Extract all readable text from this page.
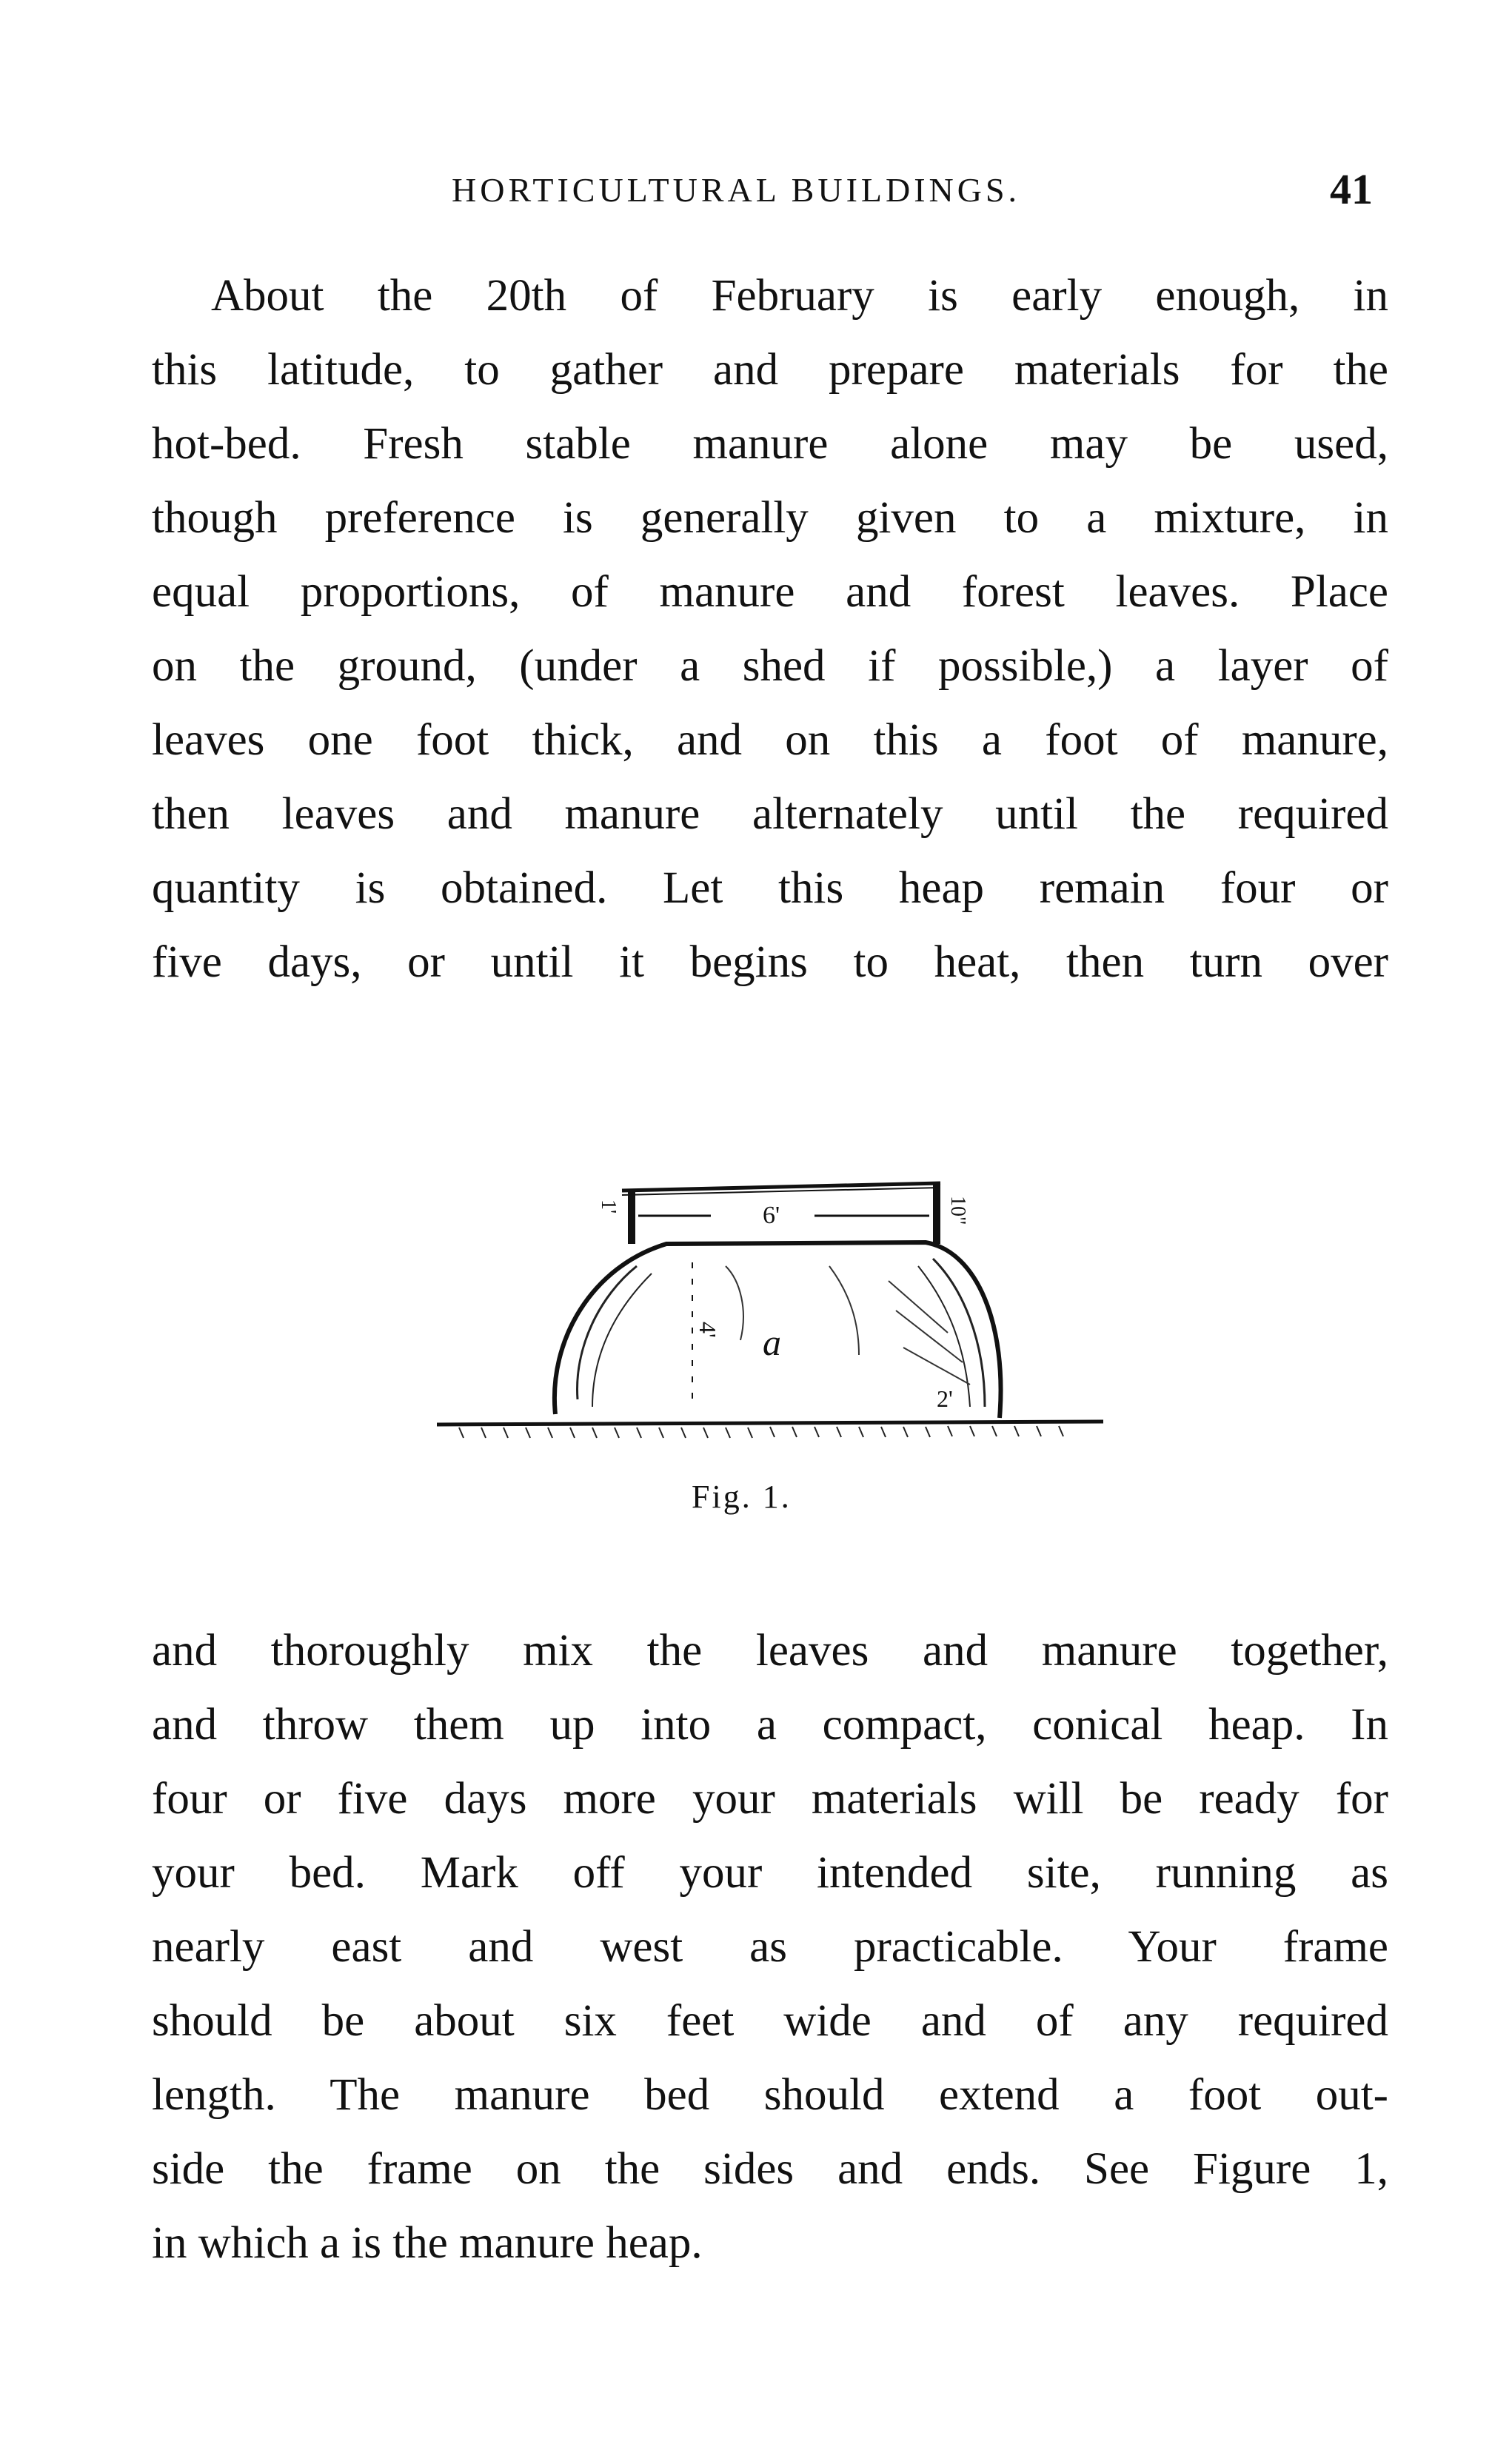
HORTICULTURAL BUILDINGS.	41
About the 20th of February is early enough, in
this latitude, to gather and prepare materials for the
hot-bed. Fresh stable manure alone may be used,
though preference is generally given to a mixture, in
equal proportions, of manure and forest leaves. Place
on the ground, (under a shed if possible,) a layer of
leaves one foot thick, and on this a foot of manure,
then leaves and manure alternately until the required
quantity is obtained. Let this heap remain four or
five days, or until it begins to heat, then turn over
6'
a
4'
2'
1'	10"
Fig. 1.
and thoroughly mix the leaves and manure together,
and throw them up into a compact, conical heap. In
four or five days more your materials will be ready for
your bed. Mark off your intended site, running as
nearly east and west as practicable. Your frame
should be about six feet wide and of any required
length. The manure bed should extend a foot out-
side the frame on the sides and ends. See Figure 1,
in which a is the manure heap.
